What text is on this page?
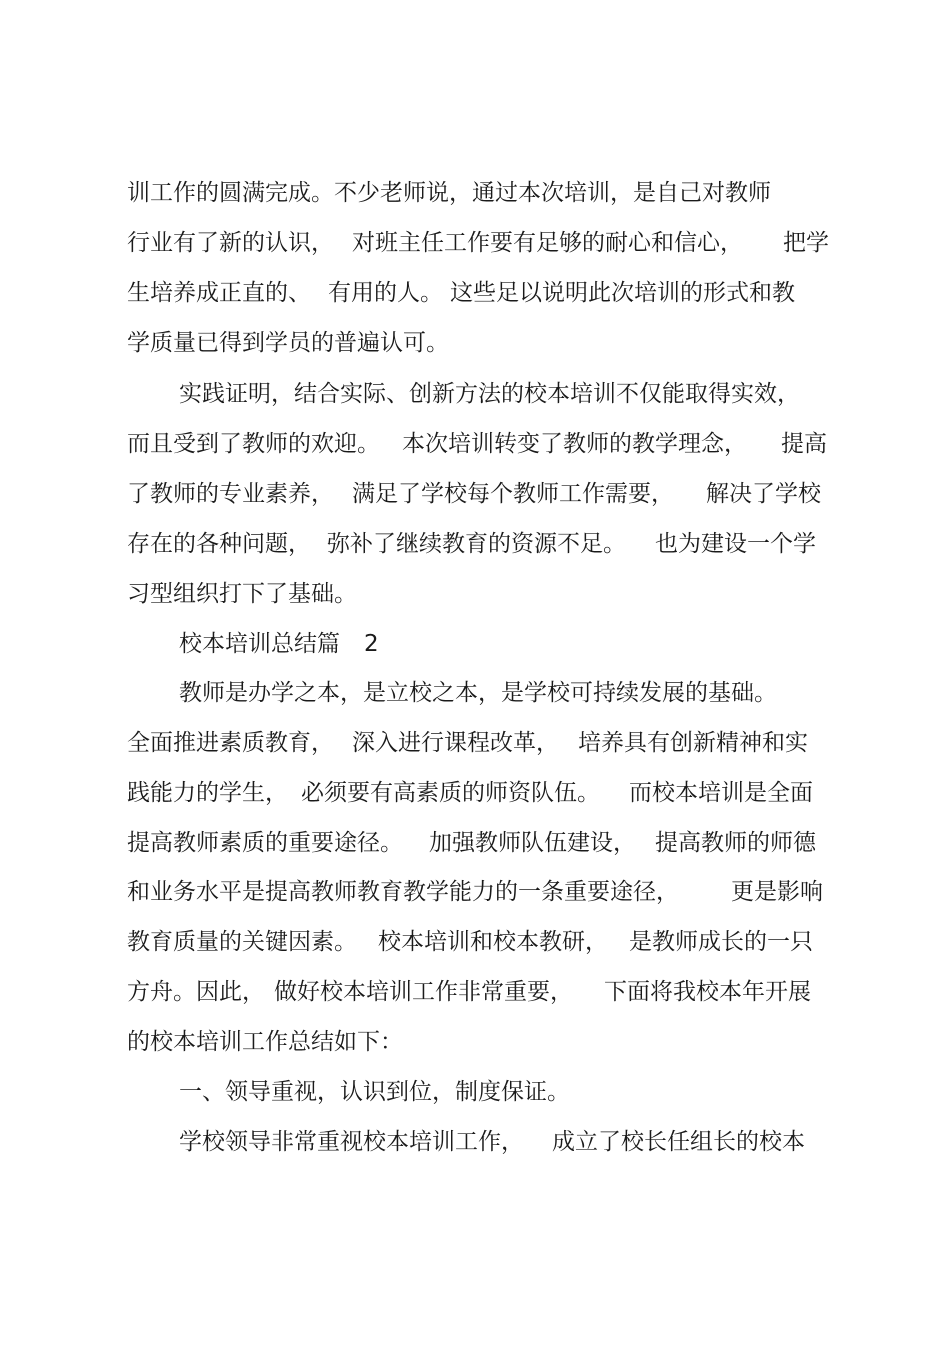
训工作的圆满完成。不少老师说，通过本次培训，是自己对教师

行业有了新的认识，

对班主任工作要有足够的耐心和信心，

把学

生培养成正直的、

有用的人。

这些足以说明此次培训的形式和教

学质量已得到学员的普遍认可。

实践证明，结合实际、创新方法的校本培训不仅能取得实效，

而且受到了教师的欢迎。

本次培训转变了教师的教学理念，

提高

了教师的专业素养，

满足了学校每个教师工作需要，

解决了学校

存在的各种问题，

弥补了继续教育的资源不足。

也为建设一个学

习型组织打下了基础。

校本培训总结篇

2

教师是办学之本，是立校之本，是学校可持续发展的基础。

全面推进素质教育，

深入进行课程改革，

培养具有创新精神和实

践能力的学生，

必须要有高素质的师资队伍。

而校本培训是全面

提高教师素质的重要途径。

加强教师队伍建设，

提高教师的师德

和业务水平是提高教师教育教学能力的一条重要途径，

更是影响

教育质量的关键因素。

校本培训和校本教研，

是教师成长的一只

方舟。因此，

做好校本培训工作非常重要，

下面将我校本年开展

的校本培训工作总结如下：

一、领导重视，认识到位，制度保证。

学校领导非常重视校本培训工作，

成立了校长任组长的校本
